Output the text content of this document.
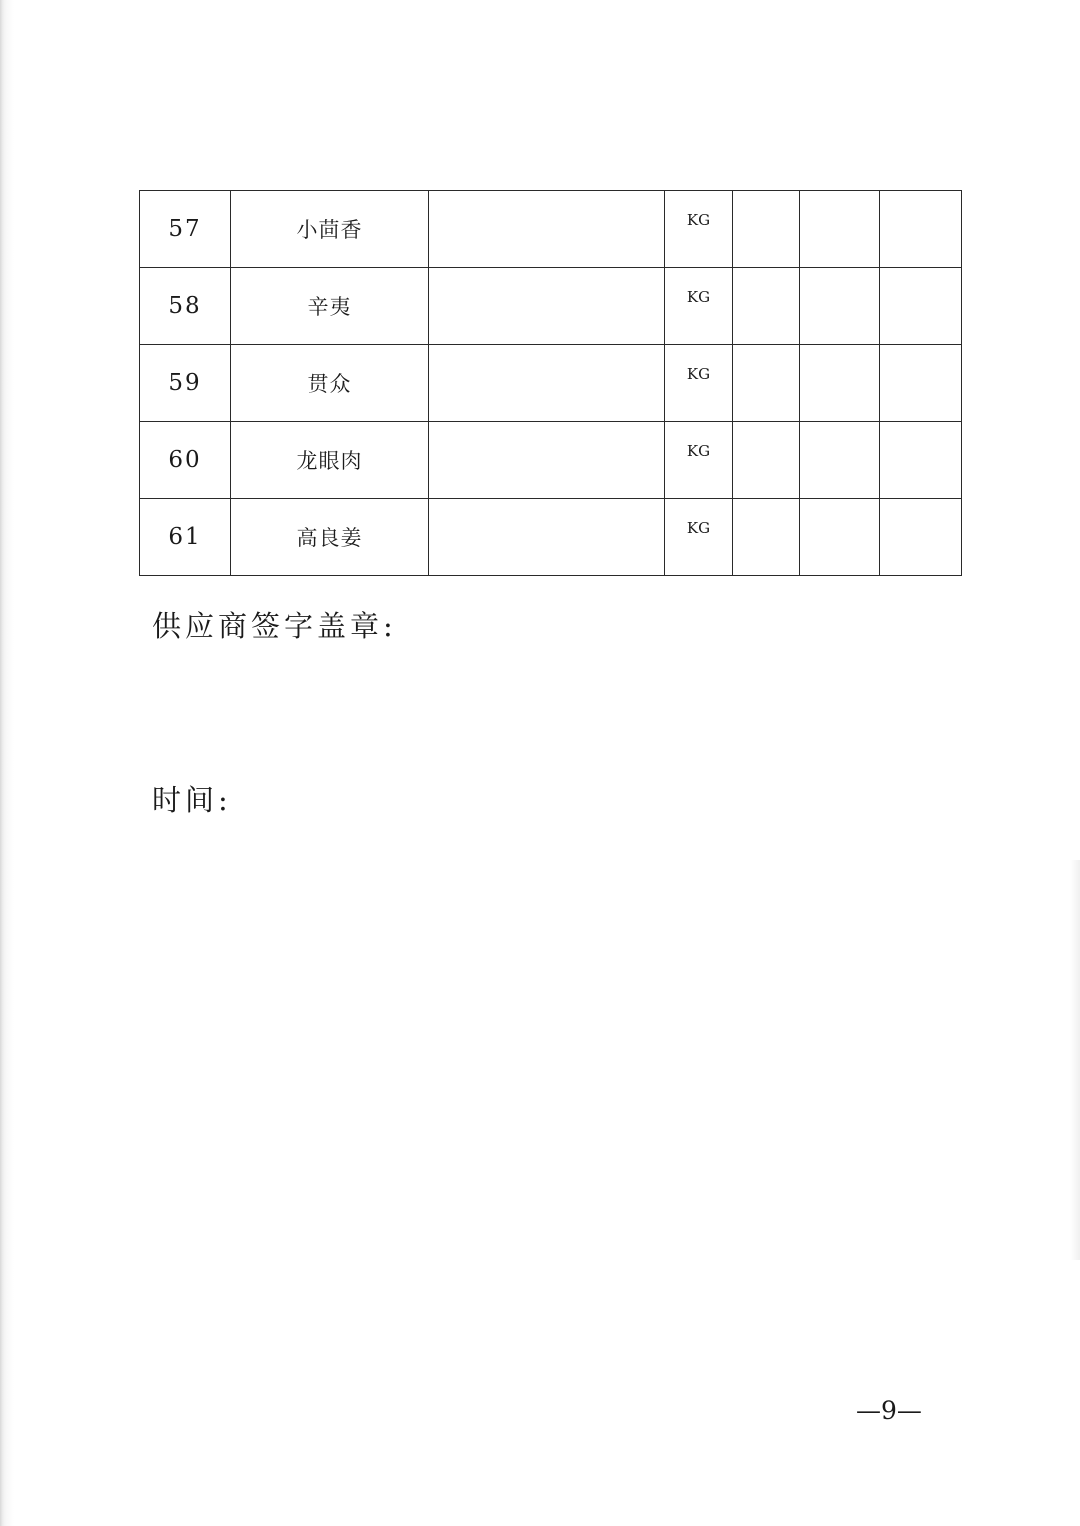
57	小茴香		KG			
58	辛夷		KG			
59	贯众		KG			
60	龙眼肉		KG			
61	高良姜		KG			

供应商签字盖章:

时间:

—9—
